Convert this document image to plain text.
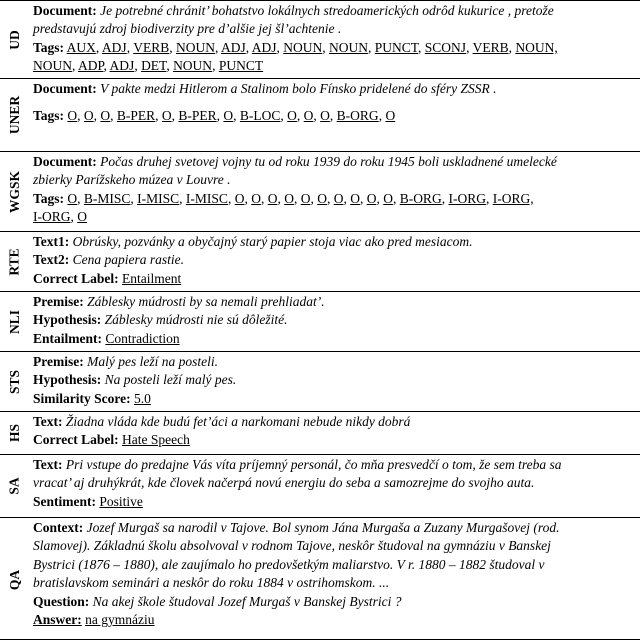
UD
Document: Je potrebné chránit’ bohatstvo lokálnych stredoamerických odrôd kukurice , pretože
predstavujú zdroj biodiverzity pre d’alšie jej šl’achtenie .
Tags: AUX, ADJ, VERB, NOUN, ADJ, ADJ, NOUN, NOUN, PUNCT, SCONJ, VERB, NOUN,
NOUN, ADP, ADJ, DET, NOUN, PUNCT
UNER
Document: V pakte medzi Hitlerom a Stalinom bolo Fínsko pridelené do sféry ZSSR .
Tags: O, O, O, B-PER, O, B-PER, O, B-LOC, O, O, O, B-ORG, O
WGSK
Document: Počas druhej svetovej vojny tu od roku 1939 do roku 1945 boli uskladnené umelecké
zbierky Parížskeho múzea v Louvre .
Tags: O, B-MISC, I-MISC, I-MISC, O, O, O, O, O, O, O, O, O, O, B-ORG, I-ORG, I-ORG,
I-ORG, O
RTE
Text1: Obrúsky, pozvánky a obyčajný starý papier stoja viac ako pred mesiacom.
Text2: Cena papiera rastie.
Correct Label: Entailment
NLI
Premise: Záblesky múdrosti by sa nemali prehliadat’.
Hypothesis: Záblesky múdrosti nie sú dôležité.
Entailment: Contradiction
STS
Premise: Malý pes leží na posteli.
Hypothesis: Na posteli leží malý pes.
Similarity Score: 5.0
HS
Text: Žiadna vláda kde budú fet’áci a narkomani nebude nikdy dobrá
Correct Label: Hate Speech
SA
Text: Pri vstupe do predajne Vás víta príjemný personál, čo mňa presvedčí o tom, že sem treba sa
vracat’ aj druhýkrát, kde človek načerpá novú energiu do seba a samozrejme do svojho auta.
Sentiment: Positive
QA
Context: Jozef Murgaš sa narodil v Tajove. Bol synom Jána Murgaša a Zuzany Murgašovej (rod.
Slamovej). Základnú školu absolvoval v rodnom Tajove, neskôr študoval na gymnáziu v Banskej
Bystrici (1876 – 1880), ale zaujímalo ho predovšetkým maliarstvo. V r. 1880 – 1882 študoval v
bratislavskom seminári a neskôr do roku 1884 v ostrihomskom. ...
Question: Na akej škole študoval Jozef Murgaš v Banskej Bystrici ?
Answer: na gymnáziu
